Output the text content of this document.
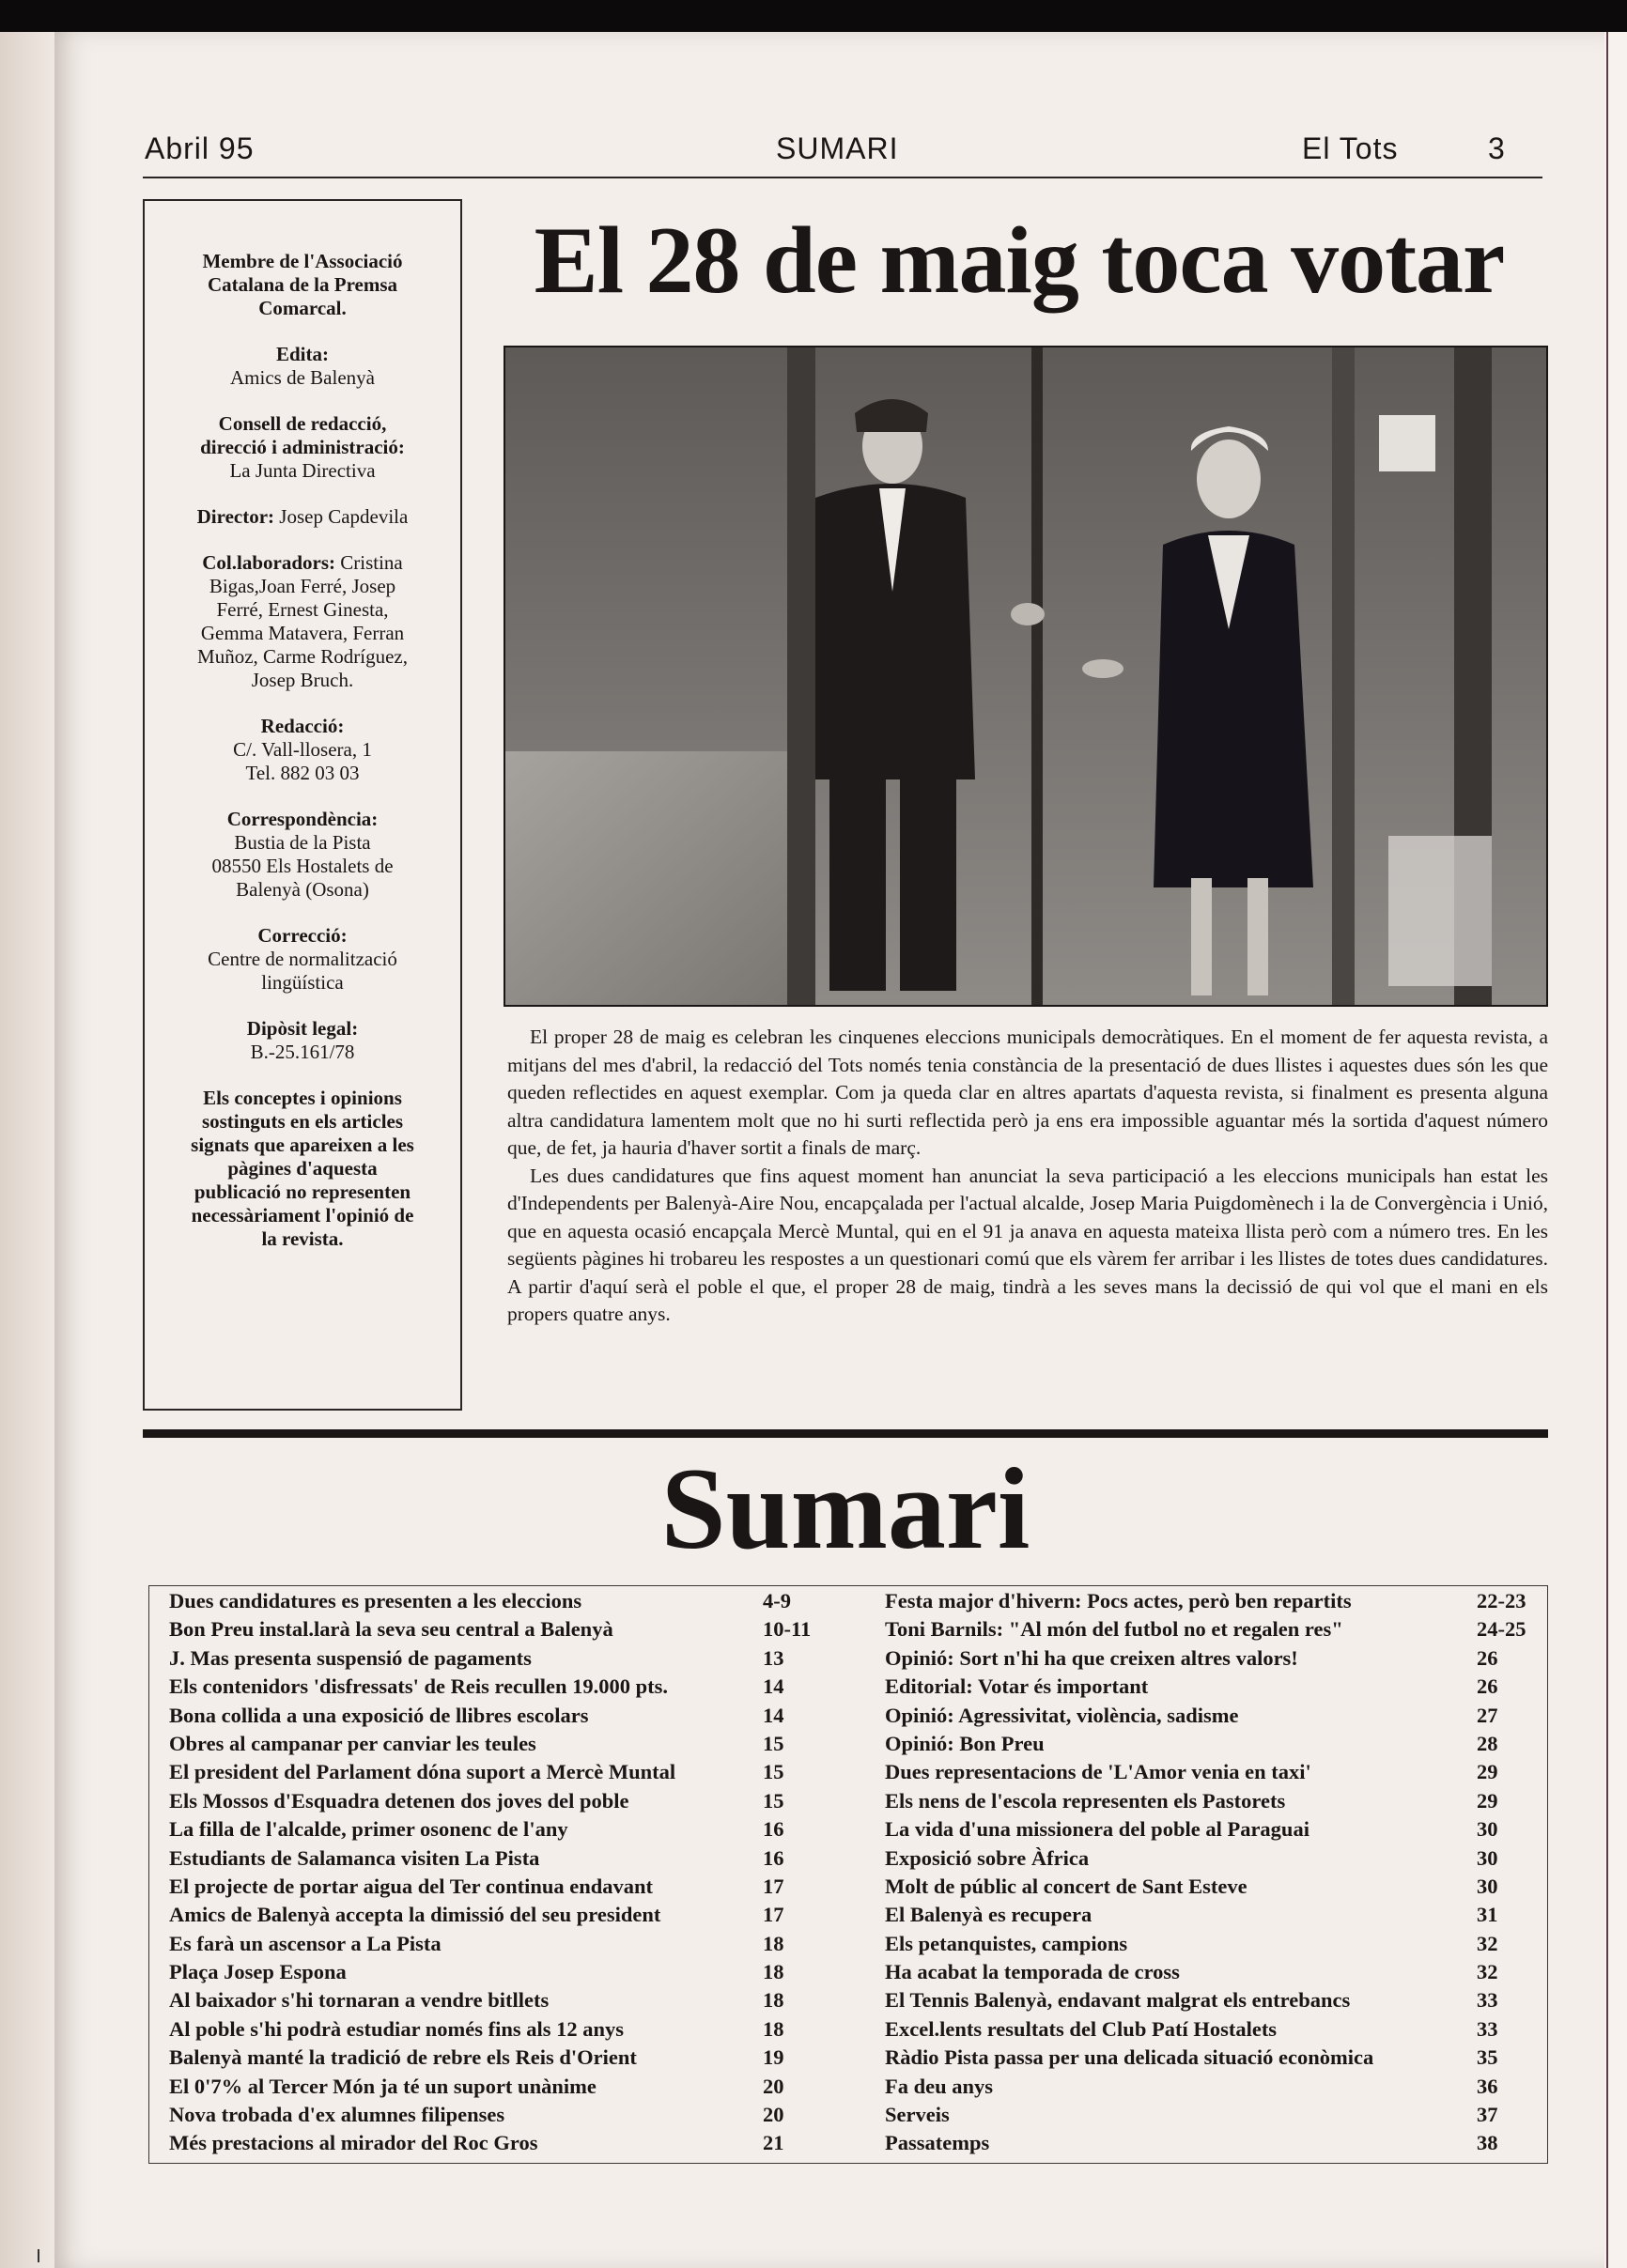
Abril 95	SUMARI	El Tots	3
Membre de l'Associació
Catalana de la Premsa
Comarcal.
Edita:
Amics de Balenyà
Consell de redacció,
direcció i administració:
La Junta Directiva
Director: Josep Capdevila
Col.laboradors: Cristina
Bigas,Joan Ferré, Josep
Ferré, Ernest Ginesta,
Gemma Matavera, Ferran
Muñoz, Carme Rodríguez,
Josep Bruch.
Redacció:
C/. Vall-llosera, 1
Tel. 882 03 03
Correspondència:
Bustia de la Pista
08550 Els Hostalets de
Balenyà (Osona)
Correcció:
Centre de normalització
lingüística
Dipòsit legal:
B.-25.161/78
Els conceptes i opinions
sostinguts en els articles
signats que apareixen a les
pàgines d'aquesta
publicació no representen
necessàriament l'opinió de
la revista.
El 28 de maig toca votar

El proper 28 de maig es celebran les cinquenes eleccions municipals democràtiques. En el moment de fer aquesta revista, a mitjans del mes d'abril, la redacció del Tots només tenia constància de la presentació de dues llistes i aquestes dues són les que queden reflectides en aquest exemplar. Com ja queda clar en altres apartats d'aquesta revista, si finalment es presenta alguna altra candidatura lamentem molt que no hi surti reflectida però ja ens era impossible aguantar més la sortida d'aquest número que, de fet, ja hauria d'haver sortit a finals de març.

Les dues candidatures que fins aquest moment han anunciat la seva participació a les eleccions municipals han estat les d'Independents per Balenyà-Aire Nou, encapçalada per l'actual alcalde, Josep Maria Puigdomènech i la de Convergència i Unió, que en aquesta ocasió encapçala Mercè Muntal, qui en el 91 ja anava en aquesta mateixa llista però com a número tres. En les següents pàgines hi trobareu les respostes a un questionari comú que els vàrem fer arribar i les llistes de totes dues candidatures. A partir d'aquí serà el poble el que, el proper 28 de maig, tindrà a les seves mans la decissió de qui vol que el mani en els propers quatre anys.

Sumari
Dues candidatures es presenten a les eleccions	4-9
Bon Preu instal.larà la seva seu central a Balenyà	10-11
J. Mas presenta suspensió de pagaments	13
Els contenidors 'disfressats' de Reis recullen 19.000 pts.	14
Bona collida a una exposició de llibres escolars	14
Obres al campanar per canviar les teules	15
El president del Parlament dóna suport a Mercè Muntal	15
Els Mossos d'Esquadra detenen dos joves del poble	15
La filla de l'alcalde, primer osonenc de l'any	16
Estudiants de Salamanca visiten La Pista	16
El projecte de portar aigua del Ter continua endavant	17
Amics de Balenyà accepta la dimissió del seu president	17
Es farà un ascensor a La Pista	18
Plaça Josep Espona	18
Al baixador s'hi tornaran a vendre bitllets	18
Al poble s'hi podrà estudiar només fins als 12 anys	18
Balenyà manté la tradició de rebre els Reis d'Orient	19
El 0'7% al Tercer Món ja té un suport unànime	20
Nova trobada d'ex alumnes filipenses	20
Més prestacions al mirador del Roc Gros	21
Festa major d'hivern: Pocs actes, però ben repartits	22-23
Toni Barnils: "Al món del futbol no et regalen res"	24-25
Opinió: Sort n'hi ha que creixen altres valors!	26
Editorial: Votar és important	26
Opinió: Agressivitat, violència, sadisme	27
Opinió: Bon Preu	28
Dues representacions de 'L'Amor venia en taxi'	29
Els nens de l'escola representen els Pastorets	29
La vida d'una missionera del poble al Paraguai	30
Exposició sobre Àfrica	30
Molt de públic al concert de Sant Esteve	30
El Balenyà es recupera	31
Els petanquistes, campions	32
Ha acabat la temporada de cross	32
El Tennis Balenyà, endavant malgrat els entrebancs	33
Excel.lents resultats del Club Patí Hostalets	33
Ràdio Pista passa per una delicada situació econòmica	35
Fa deu anys	36
Serveis	37
Passatemps	38
